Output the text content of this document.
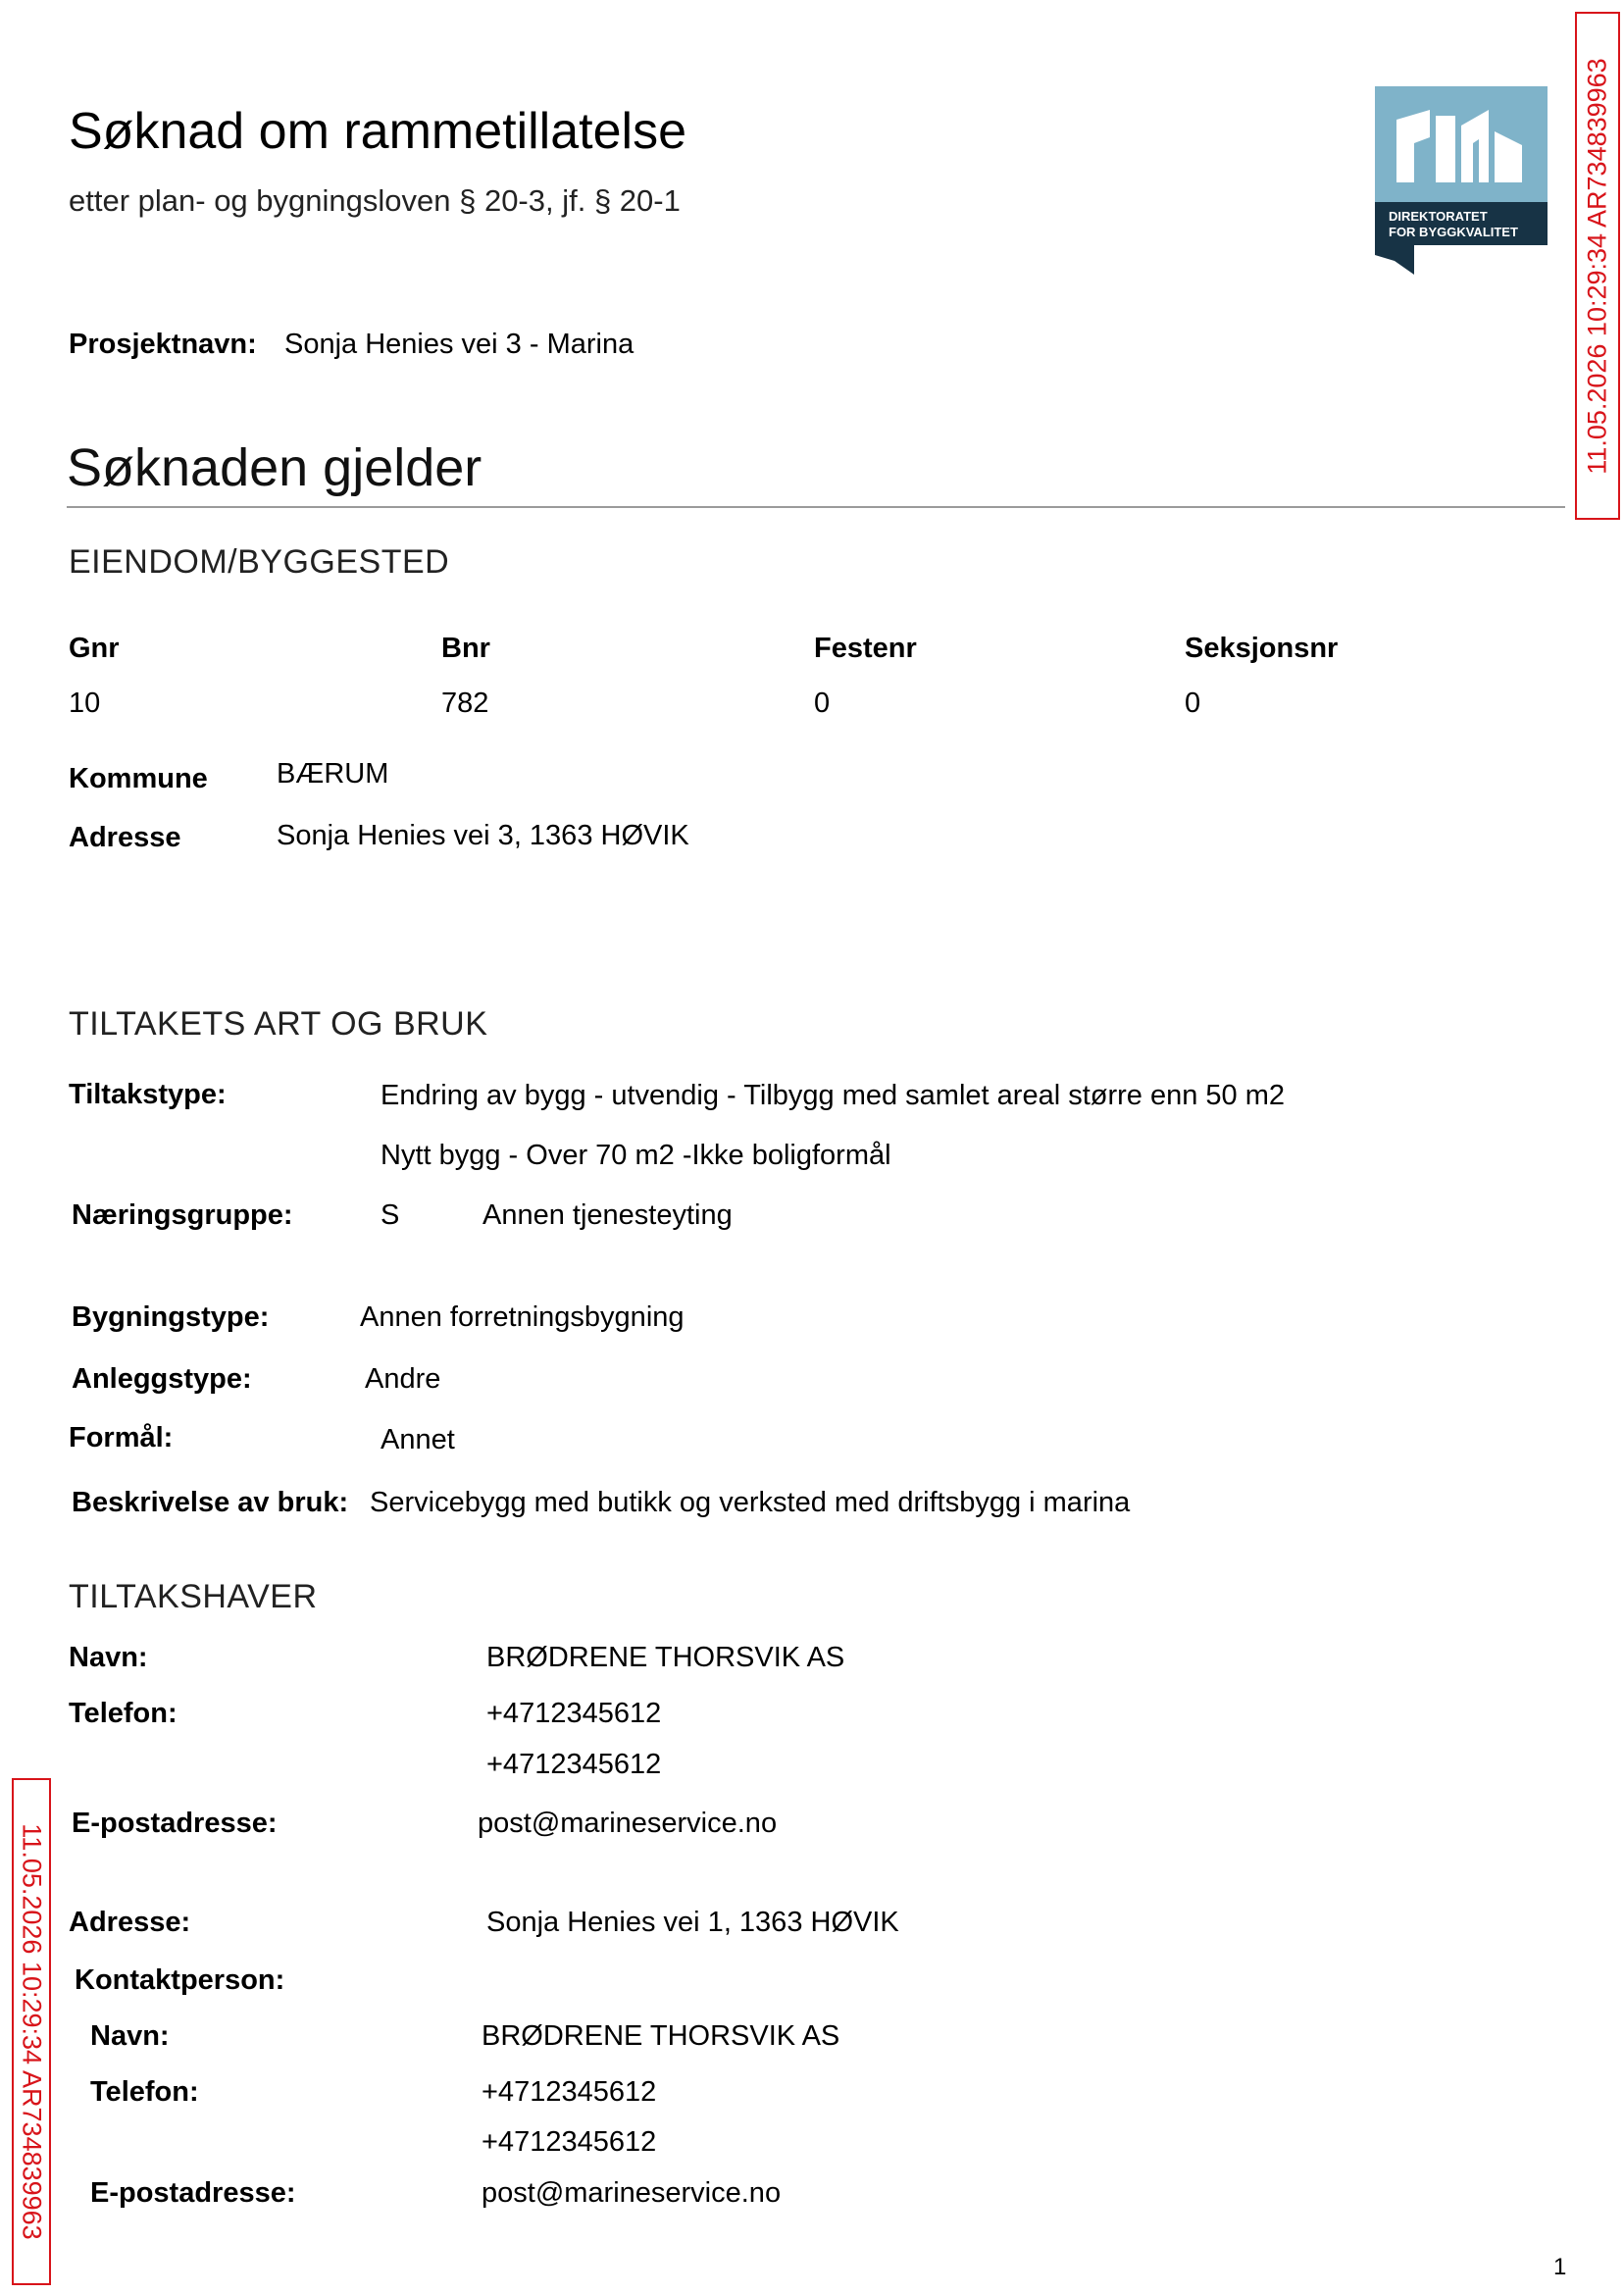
Søknad om rammetillatelse
etter plan- og bygningsloven § 20-3, jf. § 20-1	DIREKTORATET
FOR BYGGKVALITET 11.05.2026 10:29:34 AR734839963
11.05.2026 10:29:34 AR734839963
Prosjektnavn: Sonja Henies vei 3 - Marina
Søknaden gjelder
EIENDOM/BYGGESTED
Gnr	Bnr	Festenr	Seksjonsnr
10	782	0	0
Kommune BÆRUM
Adresse	Sonja Henies vei 3, 1363 HØVIK
TILTAKETS ART OG BRUK
Tiltakstype:	Endring av bygg - utvendig - Tilbygg med samlet areal større enn 50 m2
Nytt bygg - Over 70 m2 -Ikke boligformål
Næringsgruppe:	S	Annen tjenesteyting
Bygningstype:	Annen forretningsbygning
Anleggstype:	Andre
Formål:	Annet
Beskrivelse av bruk: Servicebygg med butikk og verksted med driftsbygg i marina
TILTAKSHAVER
Navn:	BRØDRENE THORSVIK AS
Telefon:	+4712345612
+4712345612
E-postadresse:	post@marineservice.no
Adresse:	Sonja Henies vei 1, 1363 HØVIK
Kontaktperson:
Navn:	BRØDRENE THORSVIK AS
Telefon:	+4712345612
+4712345612
E-postadresse:	post@marineservice.no
1
